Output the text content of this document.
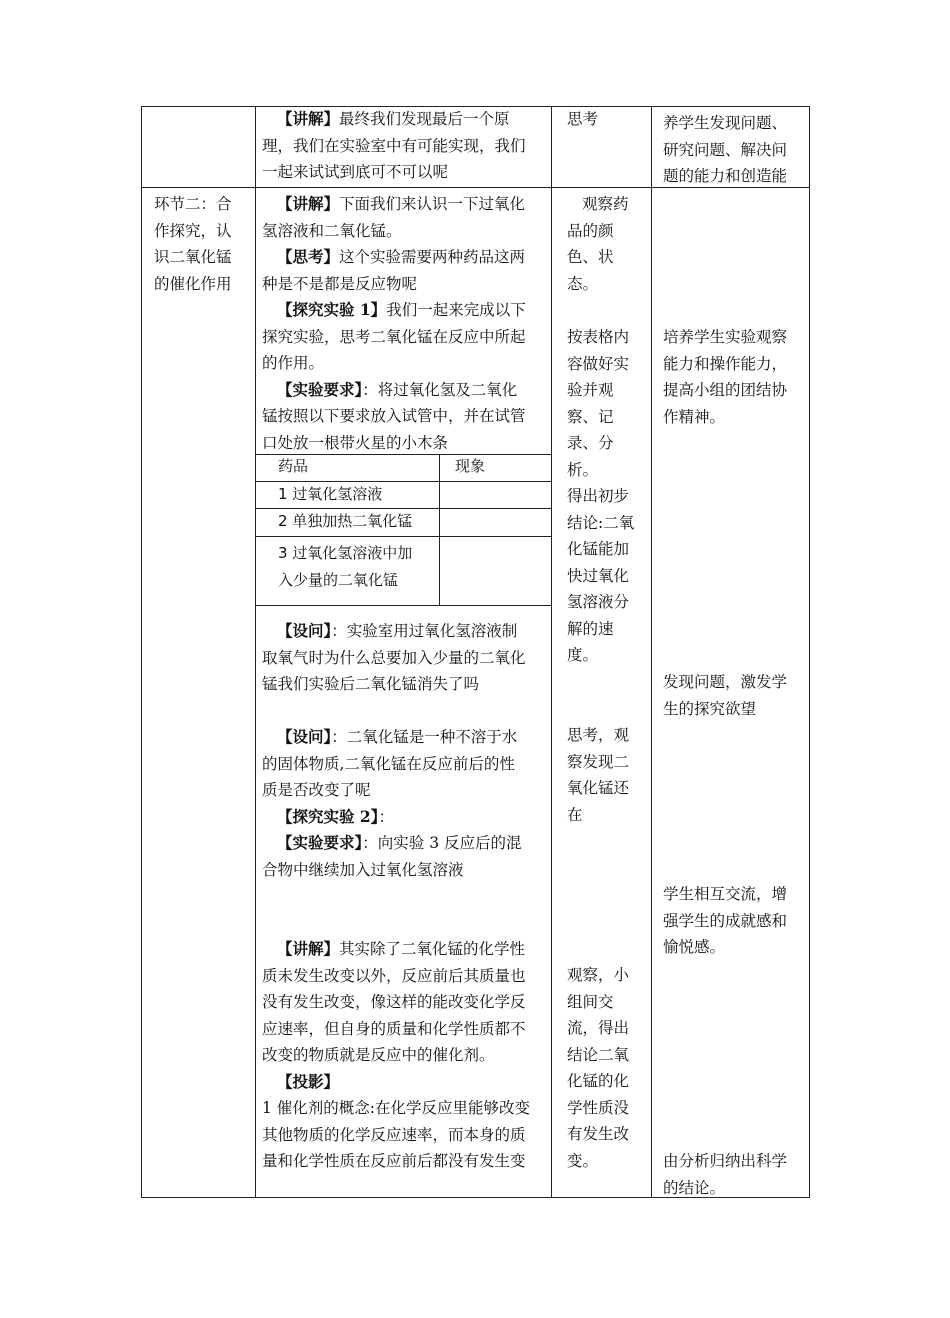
【讲解】最终我们发现最后一个原
理，我们在实验室中有可能实现，我们
一起来试试到底可不可以呢
思考	养学生发现问题、
研究问题、解决问
题的能力和创造能
环节二：合
作探究，认
识二氧化锰
的催化作用
【讲解】下面我们来认识一下过氧化
氢溶液和二氧化锰。
【思考】这个实验需要两种药品这两
种是不是都是反应物呢
【探究实验 1】我们一起来完成以下
探究实验，思考二氧化锰在反应中所起
的作用。
【实验要求】：将过氧化氢及二氧化
锰按照以下要求放入试管中，并在试管
口处放一根带火星的小木条
药品	现象
1 过氧化氢溶液
2 单独加热二氧化锰
3 过氧化氢溶液中加
入少量的二氧化锰
【设问】：实验室用过氧化氢溶液制
取氧气时为什么总要加入少量的二氧化
锰我们实验后二氧化锰消失了吗
【设问】：二氧化锰是一种不溶于水
的固体物质,二氧化锰在反应前后的性
质是否改变了呢
【探究实验 2】：
【实验要求】：向实验 3 反应后的混
合物中继续加入过氧化氢溶液
【讲解】其实除了二氧化锰的化学性
质未发生改变以外，反应前后其质量也
没有发生改变，像这样的能改变化学反
应速率，但自身的质量和化学性质都不
改变的物质就是反应中的催化剂。
【投影】
1 催化剂的概念:在化学反应里能够改变
其他物质的化学反应速率，而本身的质
量和化学性质在反应前后都没有发生变
观察药
品的颜
色、状
态。
按表格内
容做好实
验并观
察、记
录、分
析。
得出初步
结论:二氧
化锰能加
快过氧化
氢溶液分
解的速
度。
思考，观
察发现二
氧化锰还
在
观察，小
组间交
流，得出
结论二氧
化锰的化
学性质没
有发生改
变。
培养学生实验观察
能力和操作能力，
提高小组的团结协
作精神。
发现问题，激发学
生的探究欲望
学生相互交流，增
强学生的成就感和
愉悦感。
由分析归纳出科学
的结论。
